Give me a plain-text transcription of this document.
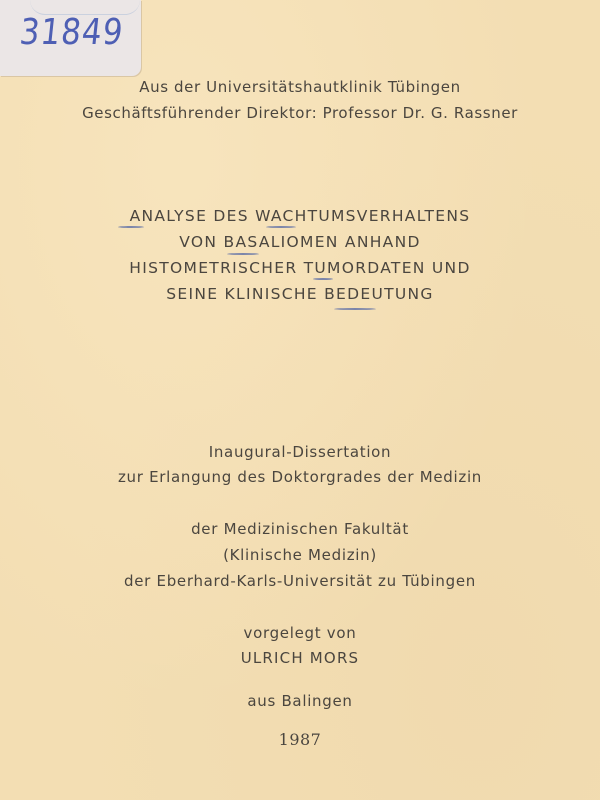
31849
Aus der Universitätshautklinik Tübingen
Geschäftsführender Direktor: Professor Dr. G. Rassner
ANALYSE DES WACHTUMSVERHALTENS
VON BASALIOMEN ANHAND
HISTOMETRISCHER TUMORDATEN UND
SEINE KLINISCHE BEDEUTUNG
Inaugural-Dissertation
zur Erlangung des Doktorgrades der Medizin
der Medizinischen Fakultät
(Klinische Medizin)
der Eberhard-Karls-Universität zu Tübingen
vorgelegt von
ULRICH MORS
aus Balingen
1987
